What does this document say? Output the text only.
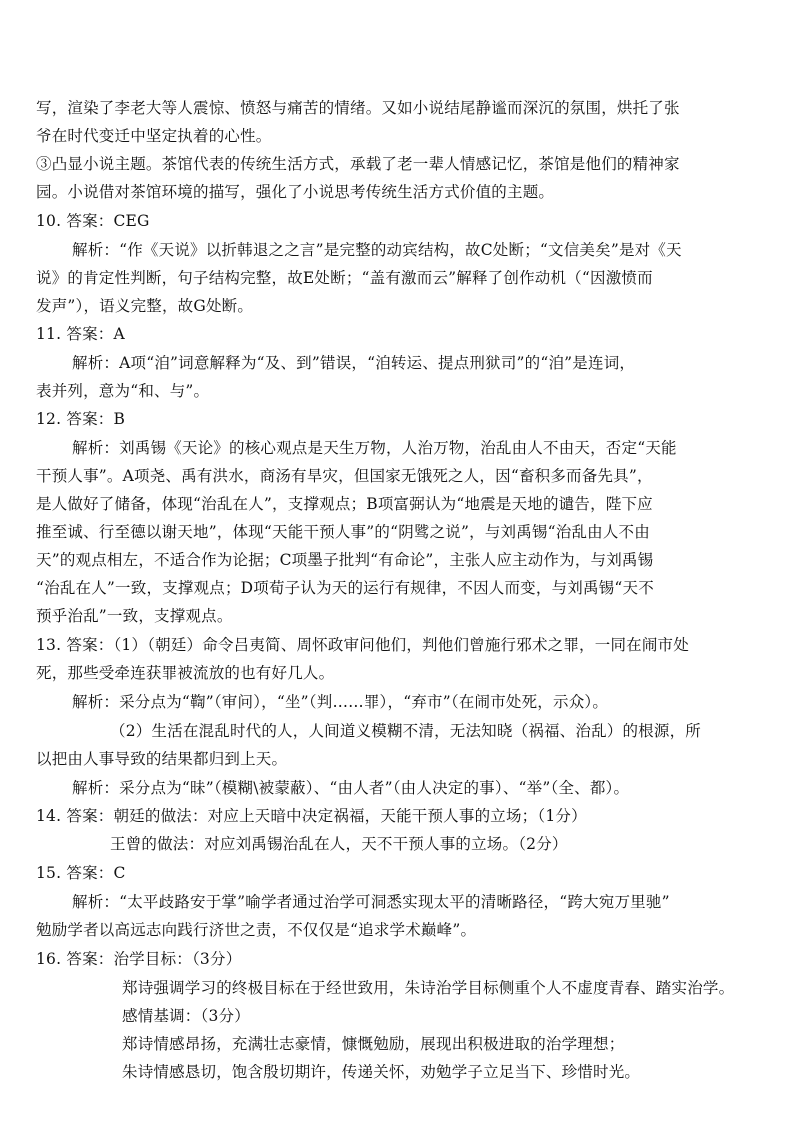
写，渲染了李老大等人震惊、愤怒与痛苦的情绪。又如小说结尾静谧而深沉的氛围，烘托了张
爷在时代变迁中坚定执着的心性。
③凸显小说主题。茶馆代表的传统生活方式，承载了老一辈人情感记忆，茶馆是他们的精神家
园。小说借对茶馆环境的描写，强化了小说思考传统生活方式价值的主题。
10. 答案：CEG
解析：“作《天说》以折韩退之之言”是完整的动宾结构，故C处断；“文信美矣”是对《天
说》的肯定性判断，句子结构完整，故E处断；“盖有激而云”解释了创作动机（“因激愤而
发声”），语义完整，故G处断。
11. 答案：A
解析：A项“洎”词意解释为“及、到”错误，“洎转运、提点刑狱司”的“洎”是连词，
表并列，意为“和、与”。
12. 答案：B
解析：刘禹锡《天论》的核心观点是天生万物，人治万物，治乱由人不由天，否定“天能
干预人事”。A项尧、禹有洪水，商汤有旱灾，但国家无饿死之人，因“畜积多而备先具”，
是人做好了储备，体现“治乱在人”，支撑观点；B项富弼认为“地震是天地的谴告，陛下应
推至诚、行至德以谢天地”，体现“天能干预人事”的“阴骘之说”，与刘禹锡“治乱由人不由
天”的观点相左，不适合作为论据；C项墨子批判“有命论”，主张人应主动作为，与刘禹锡
“治乱在人”一致，支撑观点；D项荀子认为天的运行有规律，不因人而变，与刘禹锡“天不
预乎治乱”一致，支撑观点。
13. 答案：（1）（朝廷）命令吕夷简、周怀政审问他们，判他们曾施行邪术之罪，一同在闹市处
死，那些受牵连获罪被流放的也有好几人。
解析：采分点为“鞫”（审问），“坐”（判……罪），“弃市”（在闹市处死，示众）。
（2）生活在混乱时代的人，人间道义模糊不清，无法知晓（祸福、治乱）的根源，所
以把由人事导致的结果都归到上天。
解析：采分点为“昧”（模糊\被蒙蔽）、“由人者”（由人决定的事）、“举”（全、都）。
14. 答案：朝廷的做法：对应上天暗中决定祸福，天能干预人事的立场；（1分）
王曾的做法：对应刘禹锡治乱在人，天不干预人事的立场。（2分）
15. 答案：C
解析：“太平歧路安于掌”喻学者通过治学可洞悉实现太平的清晰路径，“跨大宛万里驰”
勉励学者以高远志向践行济世之责，不仅仅是“追求学术巅峰”。
16. 答案：治学目标：（3分）
郑诗强调学习的终极目标在于经世致用，朱诗治学目标侧重个人不虚度青春、踏实治学。
感情基调：（3分）
郑诗情感昂扬，充满壮志豪情，慷慨勉励，展现出积极进取的治学理想；
朱诗情感恳切，饱含殷切期许，传递关怀，劝勉学子立足当下、珍惜时光。
